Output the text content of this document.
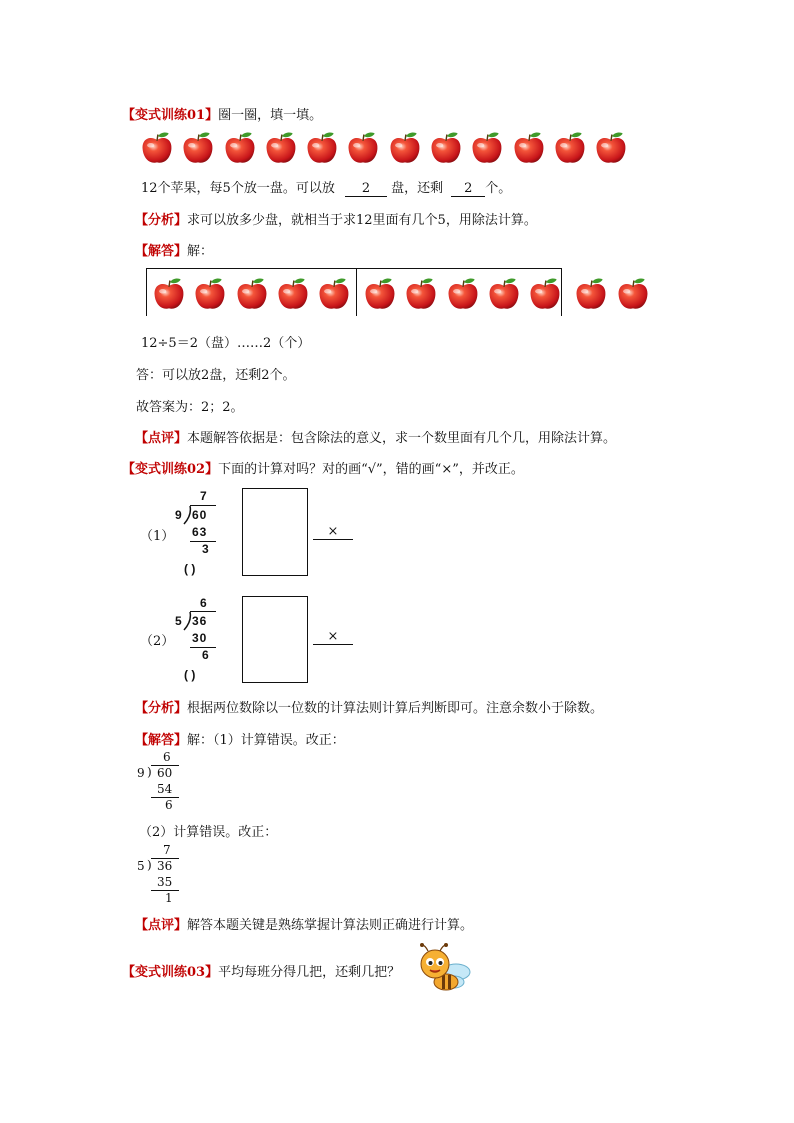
【变式训练01】圈一圈，填一填。
12个苹果，每5个放一盘。可以放 2 盘，还剩 2 个。
【分析】求可以放多少盘，就相当于求12里面有几个5，用除法计算。
【解答】解：
12÷5＝2（盘）……2（个）
答：可以放2盘，还剩2个。
故答案为：2；2。
【点评】本题解答依据是：包含除法的意义，求一个数里面有几个几，用除法计算。
【变式训练02】下面的计算对吗？对的画“√”，错的画“×”，并改正。
（1）
7
9 60
63
3
( )
×
（2）
6
5 36
30
6
( )
×
【分析】根据两位数除以一位数的计算法则计算后判断即可。注意余数小于除数。
【解答】解：（1）计算错误。改正：
6
9 ) 60
54
6
（2）计算错误。改正：
7
5 ) 36
35
1
【点评】解答本题关键是熟练掌握计算法则正确进行计算。
【变式训练03】平均每班分得几把，还剩几把？
